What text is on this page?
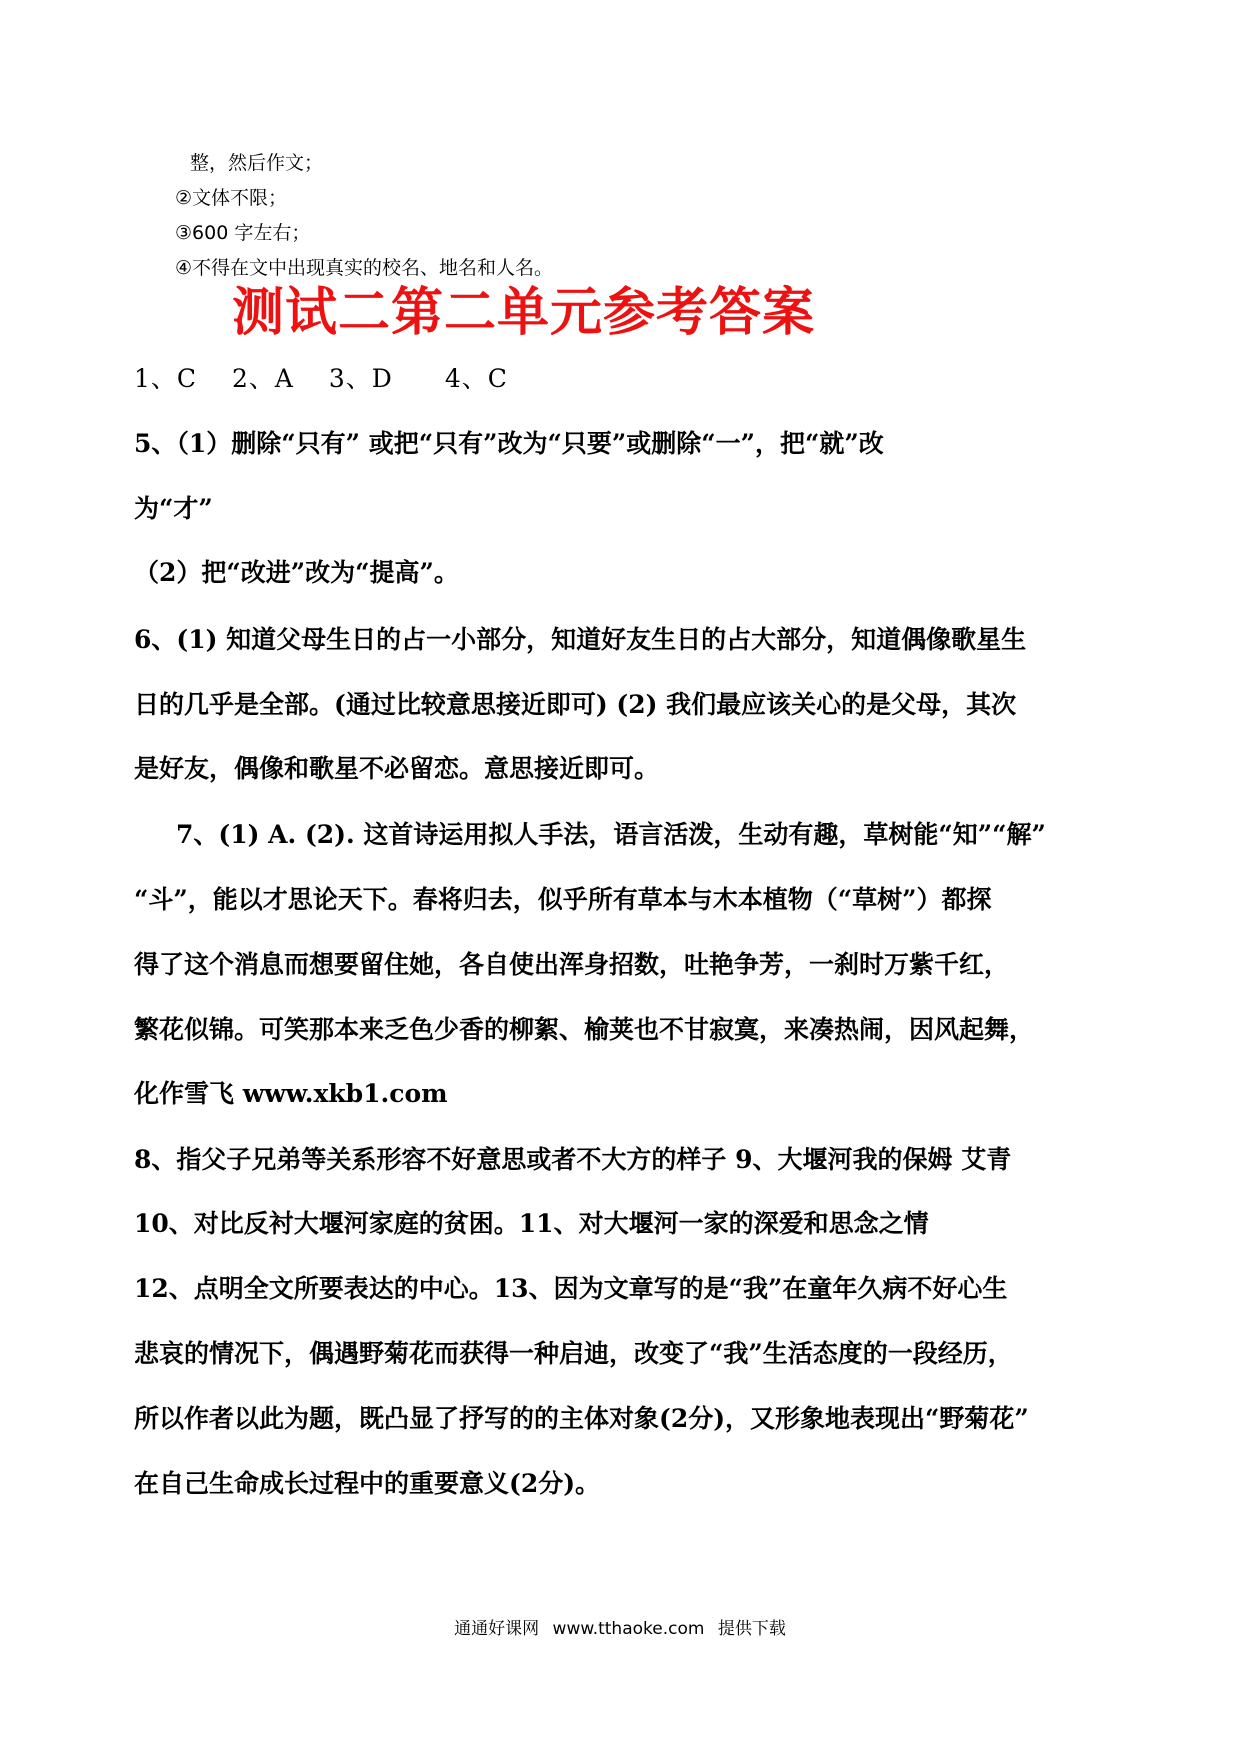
整，然后作文；
②文体不限；
③600 字左右；
④不得在文中出现真实的校名、地名和人名。
测试二第二单元参考答案
1、C　 2、A　 3、D　　4、C
5、（1）删除“只有” 或把“只有”改为“只要”或删除“一”，把“就”改
为“才”
（2）把“改进”改为“提高”。
6、(1) 知道父母生日的占一小部分，知道好友生日的占大部分，知道偶像歌星生
日的几乎是全部。(通过比较意思接近即可) (2) 我们最应该关心的是父母，其次
是好友，偶像和歌星不必留恋。意思接近即可。
7、(1) A. (2). 这首诗运用拟人手法，语言活泼，生动有趣，草树能“知”“解”
“斗”，能以才思论天下。春将归去，似乎所有草本与木本植物（“草树”）都探
得了这个消息而想要留住她，各自使出浑身招数，吐艳争芳，一刹时万紫千红，
繁花似锦。可笑那本来乏色少香的柳絮、榆荚也不甘寂寞，来凑热闹，因风起舞，
化作雪飞 www.xkb1.com
8、指父子兄弟等关系形容不好意思或者不大方的样子 9、大堰河我的保姆 艾青
10、对比反衬大堰河家庭的贫困。11、对大堰河一家的深爱和思念之情
12、点明全文所要表达的中心。13、因为文章写的是“我”在童年久病不好心生
悲哀的情况下，偶遇野菊花而获得一种启迪，改变了“我”生活态度的一段经历，
所以作者以此为题，既凸显了抒写的的主体对象(2分)，又形象地表现出“野菊花”
在自己生命成长过程中的重要意义(2分)。
通通好课网 www.tthaoke.com 提供下载
